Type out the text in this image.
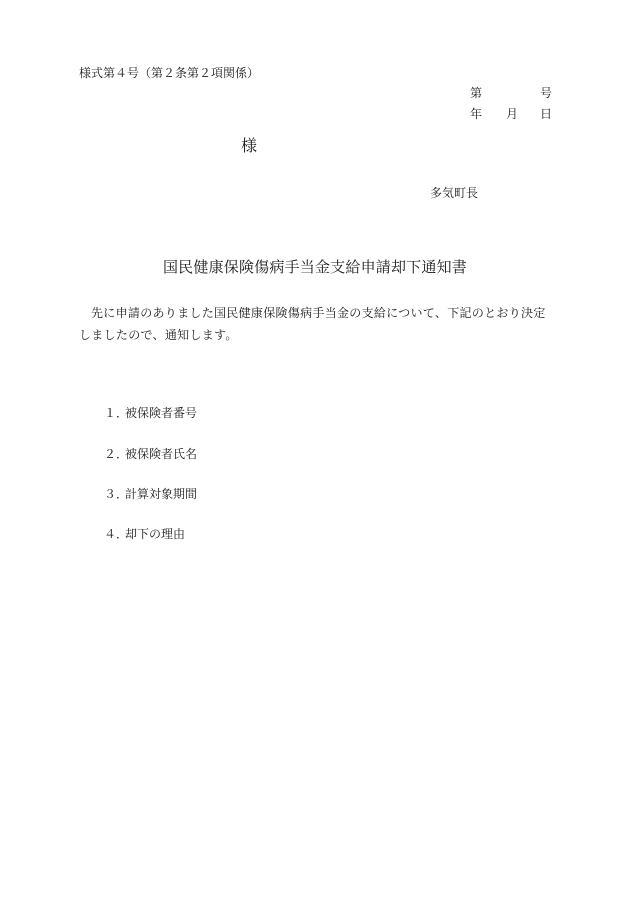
様式第４号（第２条第２項関係）
第	号
年 月 日
様
多気町長
国民健康保険傷病手当金支給申請却下通知書
先に申請のありました国民健康保険傷病手当金の支給について、下記のとおり決定しましたので、通知します。
１．被保険者番号
２．被保険者氏名
３．計算対象期間
４．却下の理由
